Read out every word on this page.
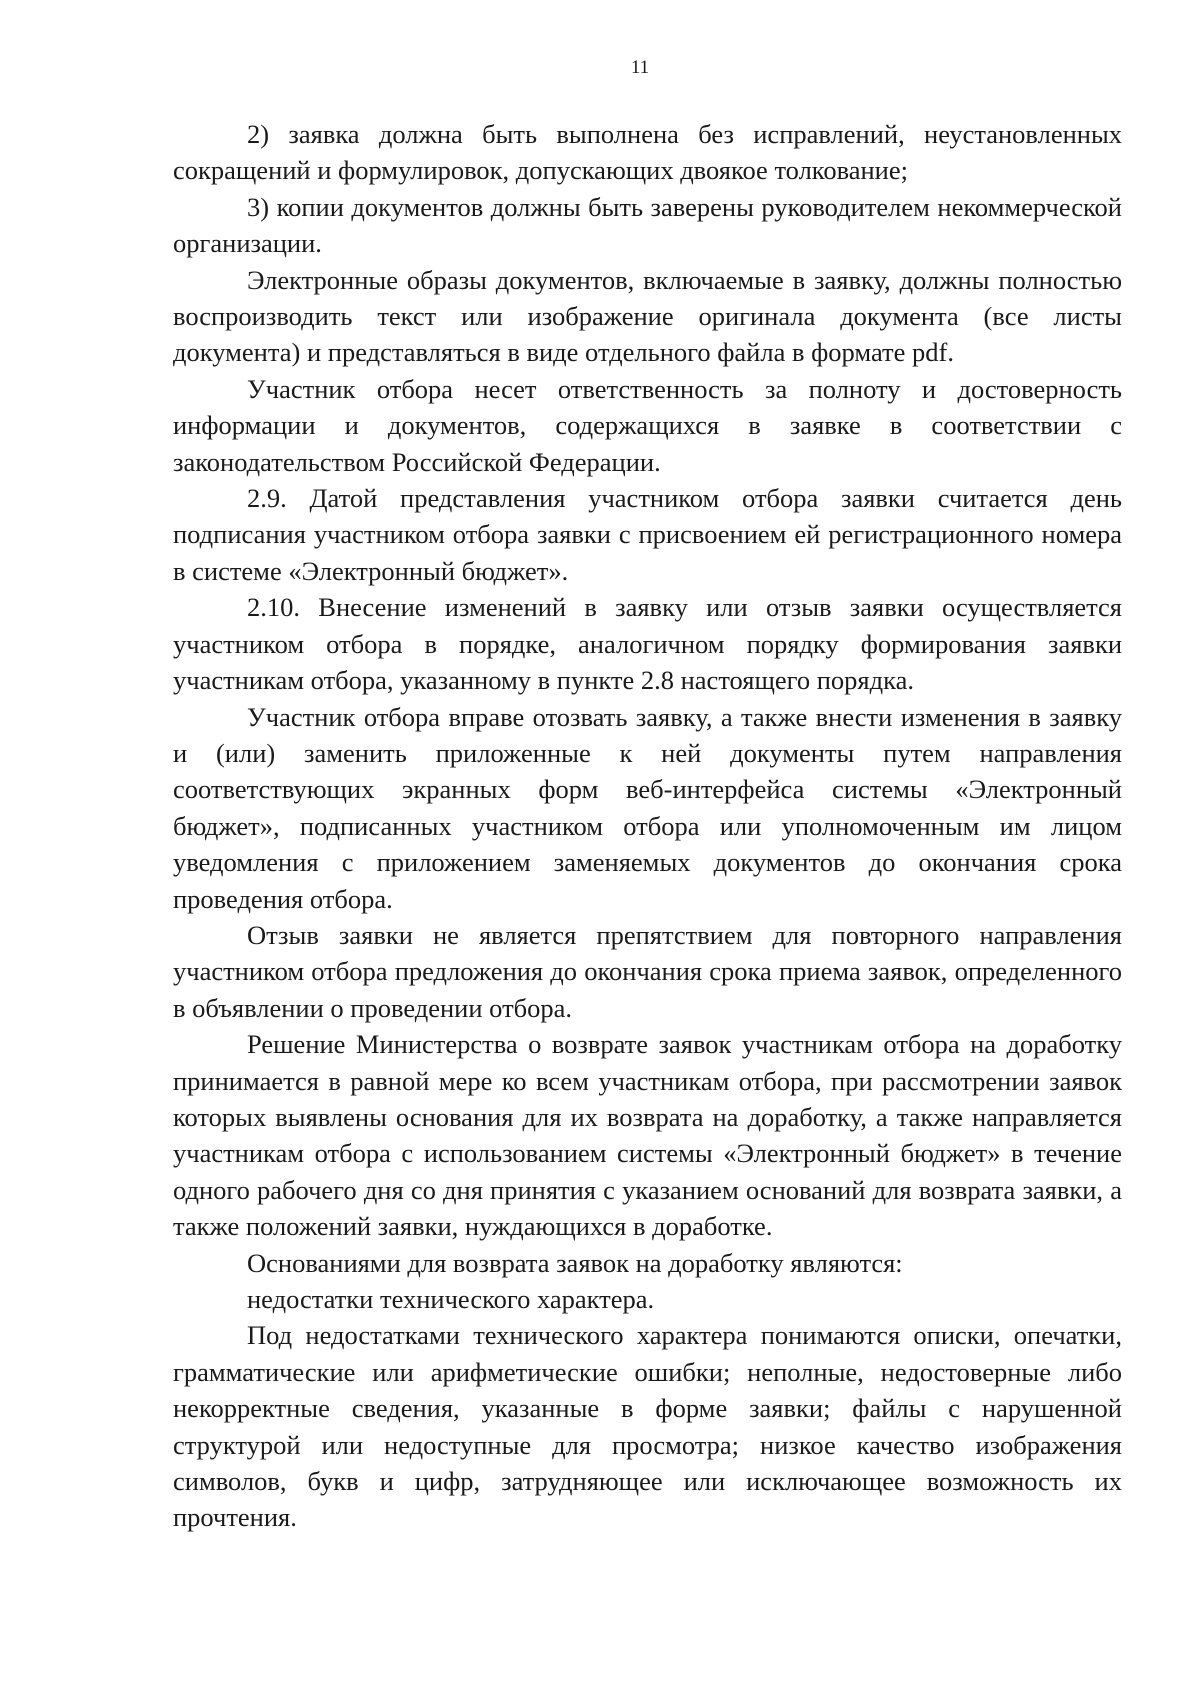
11

2) заявка должна быть выполнена без исправлений, неустановленных сокращений и формулировок, допускающих двоякое толкование;

3) копии документов должны быть заверены руководителем некоммерческой организации.

Электронные образы документов, включаемые в заявку, должны полностью воспроизводить текст или изображение оригинала документа (все листы документа) и представляться в виде отдельного файла в формате pdf.

Участник отбора несет ответственность за полноту и достоверность информации и документов, содержащихся в заявке в соответствии с законодательством Российской Федерации.

2.9. Датой представления участником отбора заявки считается день подписания участником отбора заявки с присвоением ей регистрационного номера в системе «Электронный бюджет».

2.10. Внесение изменений в заявку или отзыв заявки осуществляется участником отбора в порядке, аналогичном порядку формирования заявки участникам отбора, указанному в пункте 2.8 настоящего порядка.

Участник отбора вправе отозвать заявку, а также внести изменения в заявку и (или) заменить приложенные к ней документы путем направления соответствующих экранных форм веб-интерфейса системы «Электронный бюджет», подписанных участником отбора или уполномоченным им лицом уведомления с приложением заменяемых документов до окончания срока проведения отбора.

Отзыв заявки не является препятствием для повторного направления участником отбора предложения до окончания срока приема заявок, определенного в объявлении о проведении отбора.

Решение Министерства о возврате заявок участникам отбора на доработку принимается в равной мере ко всем участникам отбора, при рассмотрении заявок которых выявлены основания для их возврата на доработку, а также направляется участникам отбора с использованием системы «Электронный бюджет» в течение одного рабочего дня со дня принятия с указанием оснований для возврата заявки, а также положений заявки, нуждающихся в доработке.

Основаниями для возврата заявок на доработку являются:

недостатки технического характера.

Под недостатками технического характера понимаются описки, опечатки, грамматические или арифметические ошибки; неполные, недостоверные либо некорректные сведения, указанные в форме заявки; файлы с нарушенной структурой или недоступные для просмотра; низкое качество изображения символов, букв и цифр, затрудняющее или исключающее возможность их прочтения.
